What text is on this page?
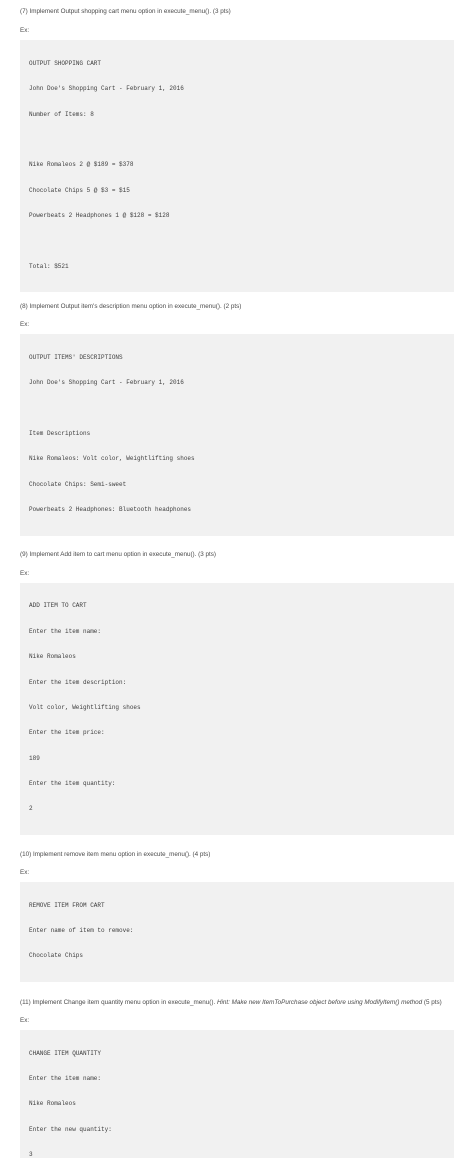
(7) Implement Output shopping cart menu option in execute_menu(). (3 pts)
Ex:

OUTPUT SHOPPING CART

John Doe's Shopping Cart - February 1, 2016

Number of Items: 8

Nike Romaleos 2 @ $189 = $378

Chocolate Chips 5 @ $3 = $15

Powerbeats 2 Headphones 1 @ $128 = $128

Total: $521

(8) Implement Output item's description menu option in execute_menu(). (2 pts)
Ex:

OUTPUT ITEMS' DESCRIPTIONS

John Doe's Shopping Cart - February 1, 2016

Item Descriptions

Nike Romaleos: Volt color, Weightlifting shoes

Chocolate Chips: Semi-sweet

Powerbeats 2 Headphones: Bluetooth headphones

(9) Implement Add item to cart menu option in execute_menu(). (3 pts)
Ex:

ADD ITEM TO CART

Enter the item name:

Nike Romaleos

Enter the item description:

Volt color, Weightlifting shoes

Enter the item price:

189

Enter the item quantity:

2

(10) Implement remove item menu option in execute_menu(). (4 pts)
Ex:

REMOVE ITEM FROM CART

Enter name of item to remove:

Chocolate Chips

(11) Implement Change item quantity menu option in execute_menu(). Hint: Make new ItemToPurchase object before using ModifyItem() method (5 pts)
Ex:

CHANGE ITEM QUANTITY

Enter the item name:

Nike Romaleos

Enter the new quantity:

3
